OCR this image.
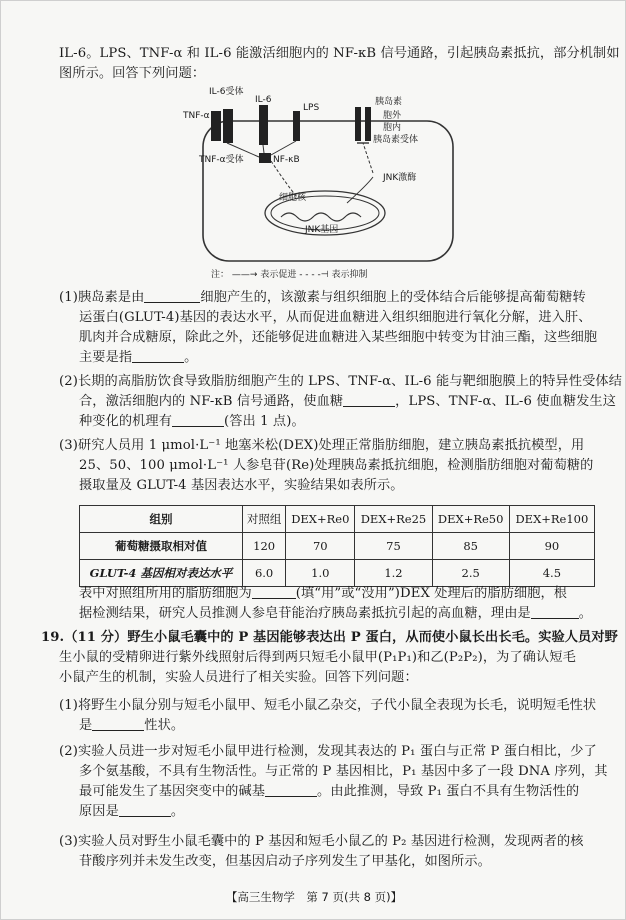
IL-6。LPS、TNF-α 和 IL-6 能激活细胞内的 NF-κB 信号通路，引起胰岛素抵抗，部分机制如
图所示。回答下列问题：
IL-6受体
IL-6
LPS
TNF-α
胰岛素
胞外
胞内
胰岛素受体
TNF-α受体	NF-κB
JNK激酶
细胞核
JNK基因
注： ——→ 表示促进 - - - -⊣ 表示抑制
(1)胰岛素是由	细胞产生的，该激素与组织细胞上的受体结合后能够提高葡萄糖转
运蛋白(GLUT-4)基因的表达水平，从而促进血糖进入组织细胞进行氧化分解，进入肝、
肌肉并合成糖原，除此之外，还能够促进血糖进入某些细胞中转变为甘油三酯，这些细胞
主要是指	。
(2)长期的高脂肪饮食导致脂肪细胞产生的 LPS、TNF-α、IL-6 能与靶细胞膜上的特异性受体结
合，激活细胞内的 NF-κB 信号通路，使血糖	，LPS、TNF-α、IL-6 使血糖发生这
种变化的机理有	(答出 1 点)。
(3)研究人员用 1 μmol·L⁻¹ 地塞米松(DEX)处理正常脂肪细胞，建立胰岛素抵抗模型，用
25、50、100 μmol·L⁻¹ 人参皂苷(Re)处理胰岛素抵抗细胞，检测脂肪细胞对葡萄糖的
摄取量及 GLUT-4 基因表达水平，实验结果如表所示。
组别	对照组	DEX+Re0	DEX+Re25	DEX+Re50	DEX+Re100
葡萄糖摄取相对值	120	70	75	85	90
GLUT-4 基因相对表达水平	6.0	1.0	1.2	2.5	4.5
表中对照组所用的脂肪细胞为	(填“用”或“没用”)DEX 处理后的脂肪细胞，根
据检测结果，研究人员推测人参皂苷能治疗胰岛素抵抗引起的高血糖，理由是	。
19.（11 分）野生小鼠毛囊中的 P 基因能够表达出 P 蛋白，从而使小鼠长出长毛。实验人员对野
生小鼠的受精卵进行紫外线照射后得到两只短毛小鼠甲(P₁P₁)和乙(P₂P₂)，为了确认短毛
小鼠产生的机制，实验人员进行了相关实验。回答下列问题：
(1)将野生小鼠分别与短毛小鼠甲、短毛小鼠乙杂交，子代小鼠全表现为长毛，说明短毛性状
是	性状。
(2)实验人员进一步对短毛小鼠甲进行检测，发现其表达的 P₁ 蛋白与正常 P 蛋白相比，少了
多个氨基酸，不具有生物活性。与正常的 P 基因相比，P₁ 基因中多了一段 DNA 序列，其
最可能发生了基因突变中的碱基	。由此推测，导致 P₁ 蛋白不具有生物活性的
原因是	。
(3)实验人员对野生小鼠毛囊中的 P 基因和短毛小鼠乙的 P₂ 基因进行检测，发现两者的核
苷酸序列并未发生改变，但基因启动子序列发生了甲基化，如图所示。
【高三生物学　第 7 页(共 8 页)】
